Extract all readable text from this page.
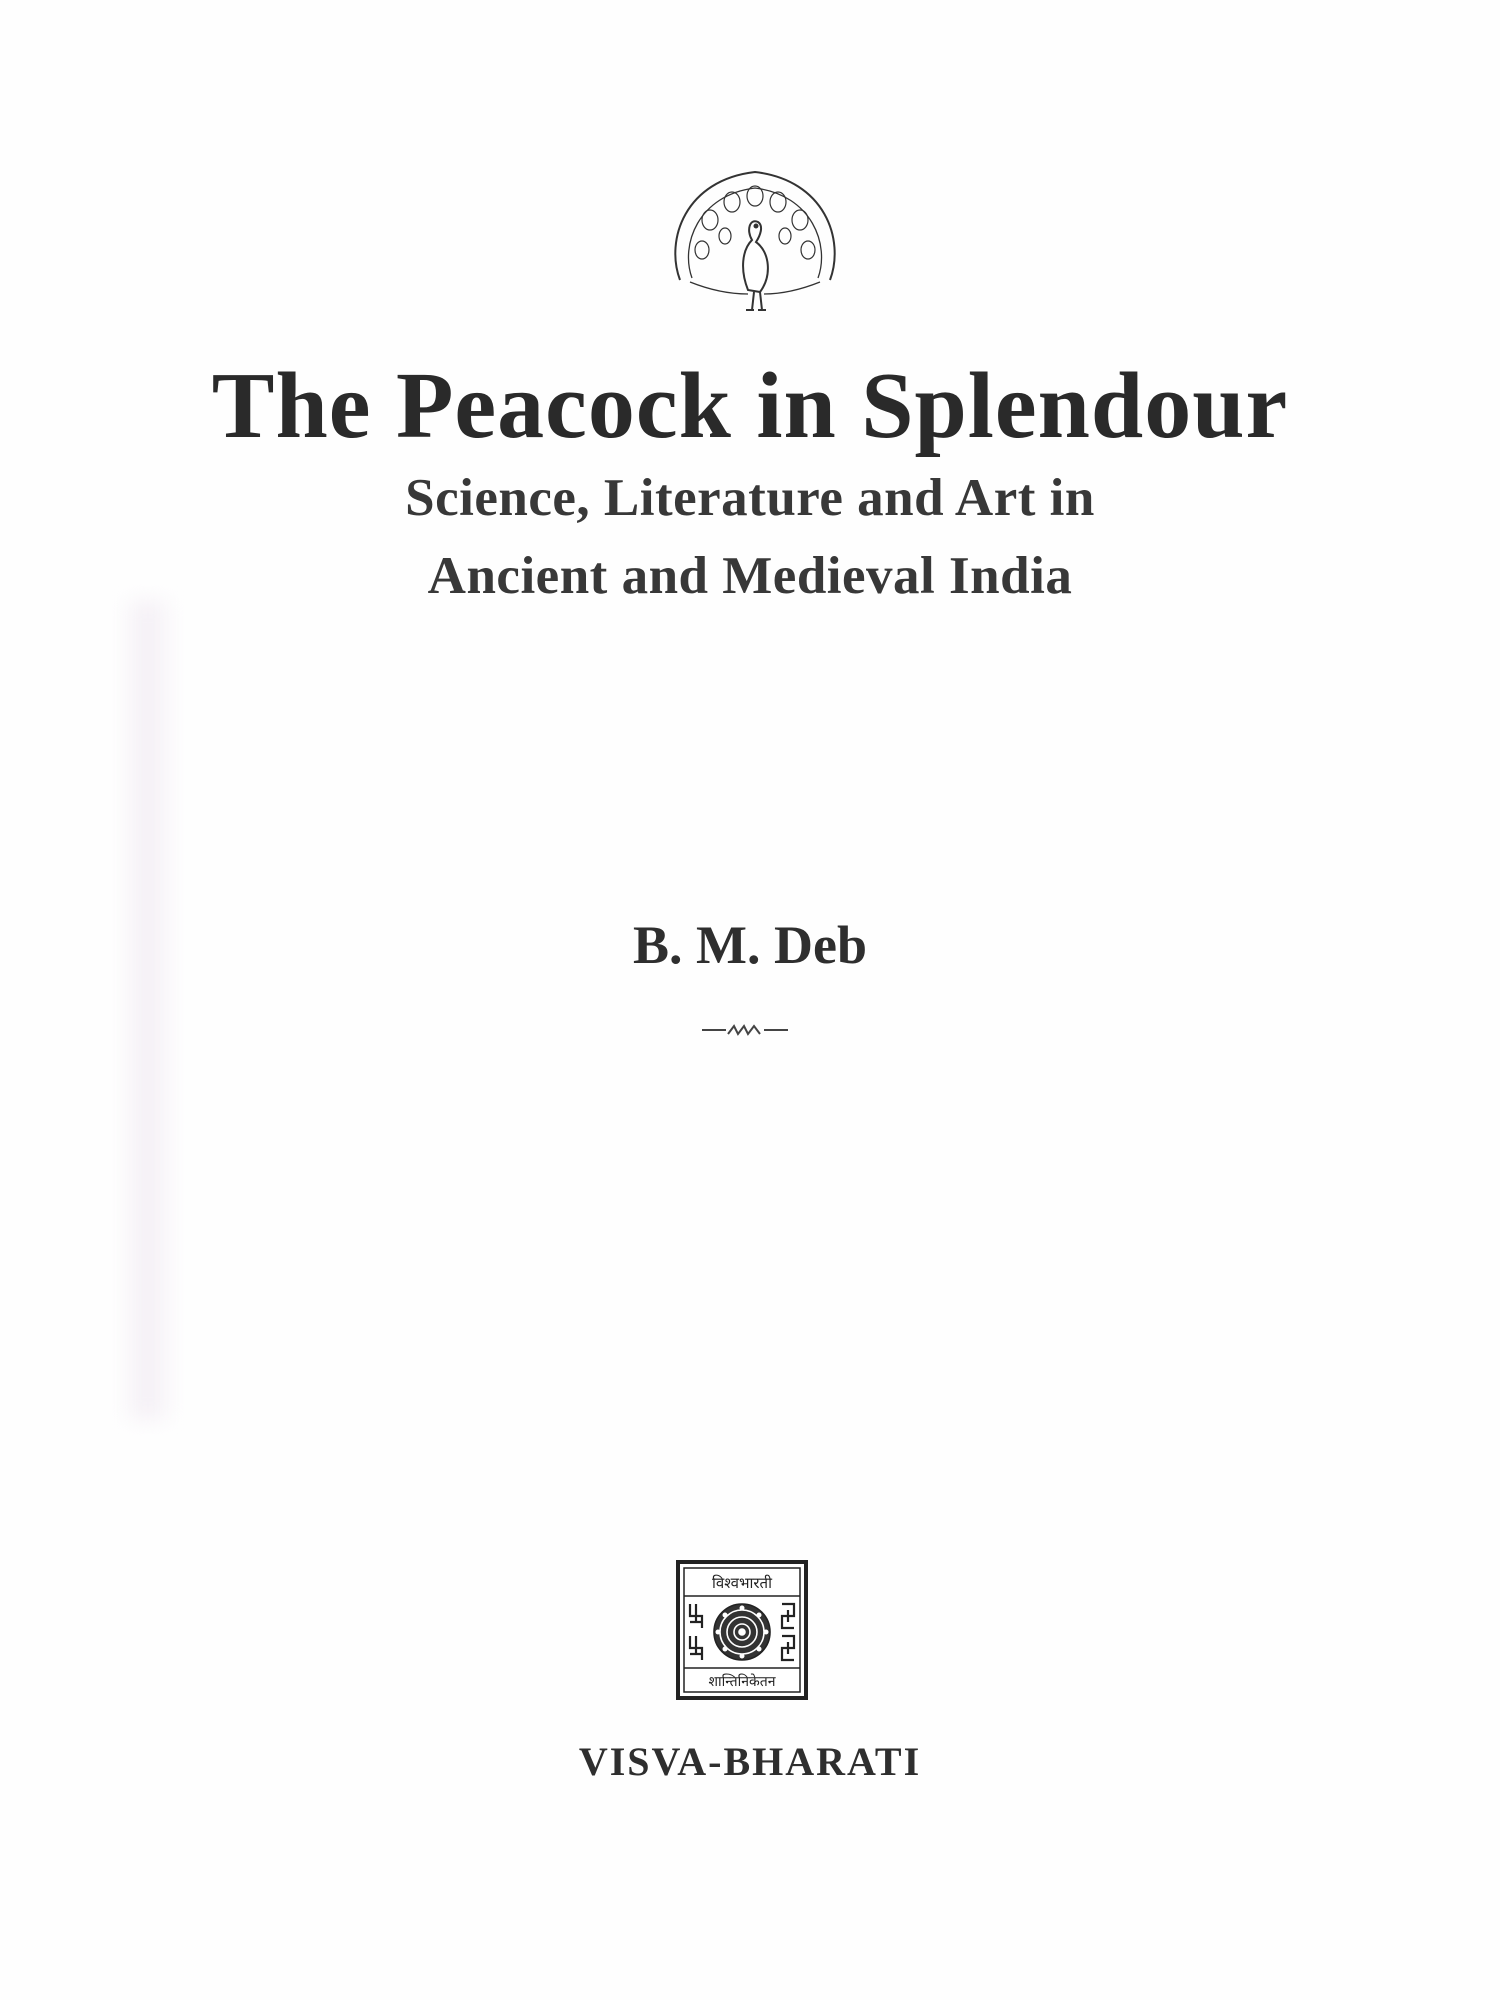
The Peacock in Splendour

Science, Literature and Art in

Ancient and Medieval India

B. M. Deb

विश्वभारती
शान्तिनिकेतन

VISVA-BHARATI
